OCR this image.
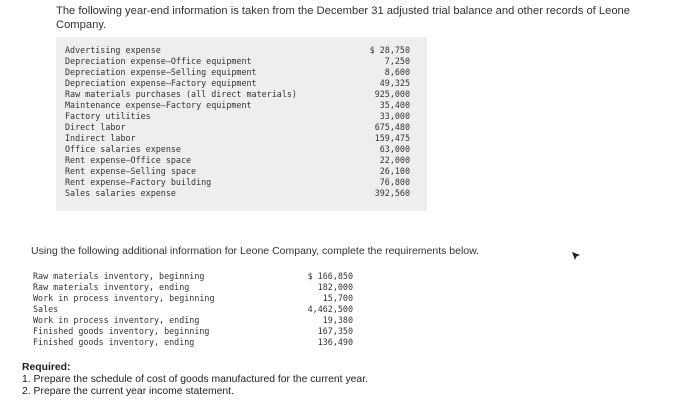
The following year-end information is taken from the December 31 adjusted trial balance and other records of Leone Company.
Advertising expense	$ 28,750
Depreciation expense—Office equipment	7,250
Depreciation expense—Selling equipment	8,600
Depreciation expense—Factory equipment	49,325
Raw materials purchases (all direct materials)	925,000
Maintenance expense—Factory equipment	35,400
Factory utilities	33,000
Direct labor	675,480
Indirect labor	159,475
Office salaries expense	63,000
Rent expense—Office space	22,000
Rent expense—Selling space	26,100
Rent expense—Factory building	76,800
Sales salaries expense	392,560
Using the following additional information for Leone Company, complete the requirements below.
Raw materials inventory, beginning	$ 166,850
Raw materials inventory, ending	182,000
Work in process inventory, beginning	15,700
Sales	4,462,500
Work in process inventory, ending	19,380
Finished goods inventory, beginning	167,350
Finished goods inventory, ending	136,490
Required:
1. Prepare the schedule of cost of goods manufactured for the current year.
2. Prepare the current year income statement.
